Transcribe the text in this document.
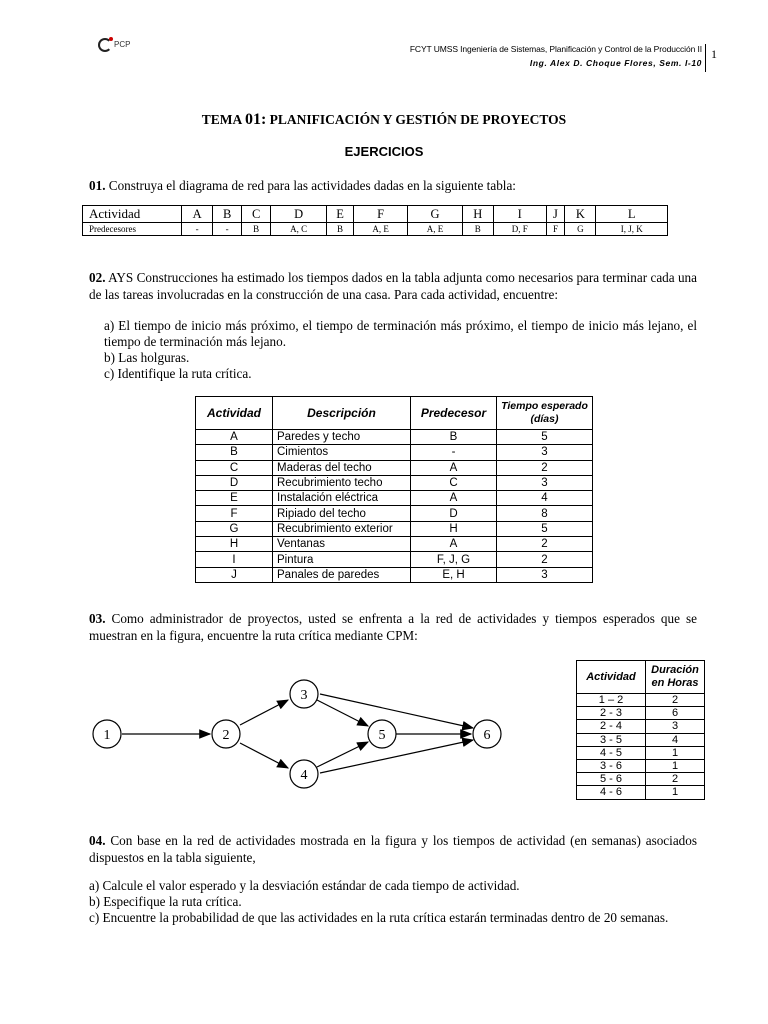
PCP	FCYT UMSS Ingeniería de Sistemas, Planificación y Control de la Producción II
Ing. Alex D. Choque Flores, Sem. I-10
1
TEMA 01: PLANIFICACIÓN Y GESTIÓN DE PROYECTOS
EJERCICIOS
01. Construya el diagrama de red para las actividades dadas en la siguiente tabla:
Actividad	A	B	C	D	E	F	G	H	I	J	K	L
Predecesores	-	-	B	A, C	B	A, E	A, E	B	D, F	F	G	I, J, K
02. AYS Construcciones ha estimado los tiempos dados en la tabla adjunta como necesarios para terminar cada una de las tareas involucradas en la construcción de una casa. Para cada actividad, encuentre:
a) El tiempo de inicio más próximo, el tiempo de terminación más próximo, el tiempo de inicio más lejano, el tiempo de terminación más lejano.
b) Las holguras.
c) Identifique la ruta crítica.
Actividad	Descripción	Predecesor	Tiempo esperado (días)
A	Paredes y techo	B	5
B	Cimientos	-	3
C	Maderas del techo	A	2
D	Recubrimiento techo	C	3
E	Instalación eléctrica	A	4
F	Ripiado del techo	D	8
G	Recubrimiento exterior	H	5
H	Ventanas	A	2
I	Pintura	F, J, G	2
J	Panales de paredes	E, H	3
03. Como administrador de proyectos, usted se enfrenta a la red de actividades y tiempos esperados que se muestran en la figura, encuentre la ruta crítica mediante CPM:
1	2
3
4
5	6
Actividad	Duración en Horas
1 – 2	2
2 - 3	6
2 - 4	3
3 - 5	4
4 - 5	1
3 - 6	1
5 - 6	2
4 - 6	1
04. Con base en la red de actividades mostrada en la figura y los tiempos de actividad (en semanas) asociados dispuestos en la tabla siguiente,
a) Calcule el valor esperado y la desviación estándar de cada tiempo de actividad.
b) Especifique la ruta crítica.
c) Encuentre la probabilidad de que las actividades en la ruta crítica estarán terminadas dentro de 20 semanas.
